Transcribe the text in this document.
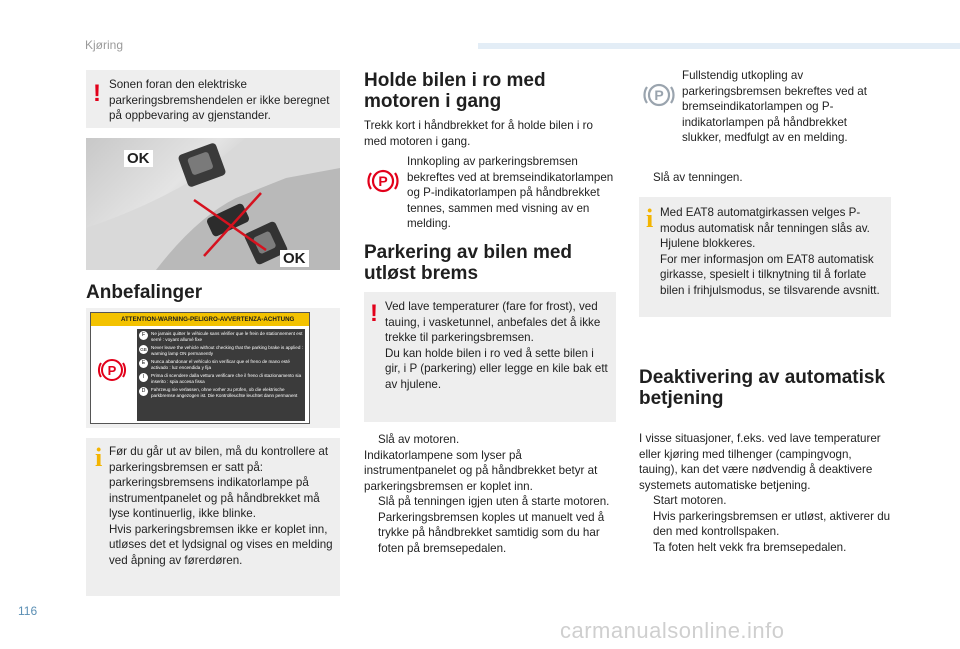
Kjøring
! Sonen foran den elektriske parkeringsbremshendelen er ikke beregnet på oppbevaring av gjenstander.
OK
OK
Anbefalinger
ATTENTION-WARNING-PELIGRO-AVVERTENZA-ACHTUNG
P
F	Ne jamais quitter le véhicule sans vérifier que le frein de stationnement est serré : voyant allumé fixe
GB Never leave the vehicle without checking that the parking brake is applied : warning lamp ON permanently
E	Nunca abandonar el vehículo sin verificar que el freno de mano esté activado : luz encendida y fija
I	Prima di scendere dalla vettura verificare che il freno di stazionamento sia inserito : spia accesa fissa
D	Fahrzeug nie verlassen, ohne vorher zu prüfen, ob die elektrische parkbremse angezogen ist. Die Kontrolleuchte leuchtet dann permanent
i Før du går ut av bilen, må du kontrollere at parkeringsbremsen er satt på: parkeringsbremsens indikatorlampe på instrumentpanelet og på håndbrekket må lyse kontinuerlig, ikke blinke.
Hvis parkeringsbremsen ikke er koplet inn, utløses det et lydsignal og vises en melding ved åpning av førerdøren.
Holde bilen i ro med motoren i gang
Trekk kort i håndbrekket for å holde bilen i ro med motoren i gang.
P
Innkopling av parkeringsbremsen bekreftes ved at bremseindikatorlampen og P-indikatorlampen på håndbrekket tennes, sammen med visning av en melding.
Parkering av bilen med utløst brems
! Ved lave temperaturer (fare for frost), ved tauing, i vasketunnel, anbefales det å ikke trekke til parkeringsbremsen.
Du kan holde bilen i ro ved å sette bilen i gir, i P (parkering) eller legge en kile bak ett av hjulene.
Slå av motoren.
Indikatorlampene som lyser på instrumentpanelet og på håndbrekket betyr at parkeringsbremsen er koplet inn.
Slå på tenningen igjen uten å starte motoren.
Parkeringsbremsen koples ut manuelt ved å trykke på håndbrekket samtidig som du har foten på bremsepedalen.
P
Fullstendig utkopling av parkeringsbremsen bekreftes ved at bremseindikatorlampen og P-indikatorlampen på håndbrekket slukker, medfulgt av en melding.
Slå av tenningen.
i Med EAT8 automatgirkassen velges P-modus automatisk når tenningen slås av. Hjulene blokkeres.
For mer informasjon om EAT8 automatisk girkasse, spesielt i tilknytning til å forlate bilen i frihjulsmodus, se tilsvarende avsnitt.
Deaktivering av automatisk betjening
I visse situasjoner, f.eks. ved lave temperaturer eller kjøring med tilhenger (campingvogn, tauing), kan det være nødvendig å deaktivere systemets automatiske betjening.
Start motoren.
Hvis parkeringsbremsen er utløst, aktiverer du den med kontrollspaken.
Ta foten helt vekk fra bremsepedalen.
116
carmanualsonline.info
